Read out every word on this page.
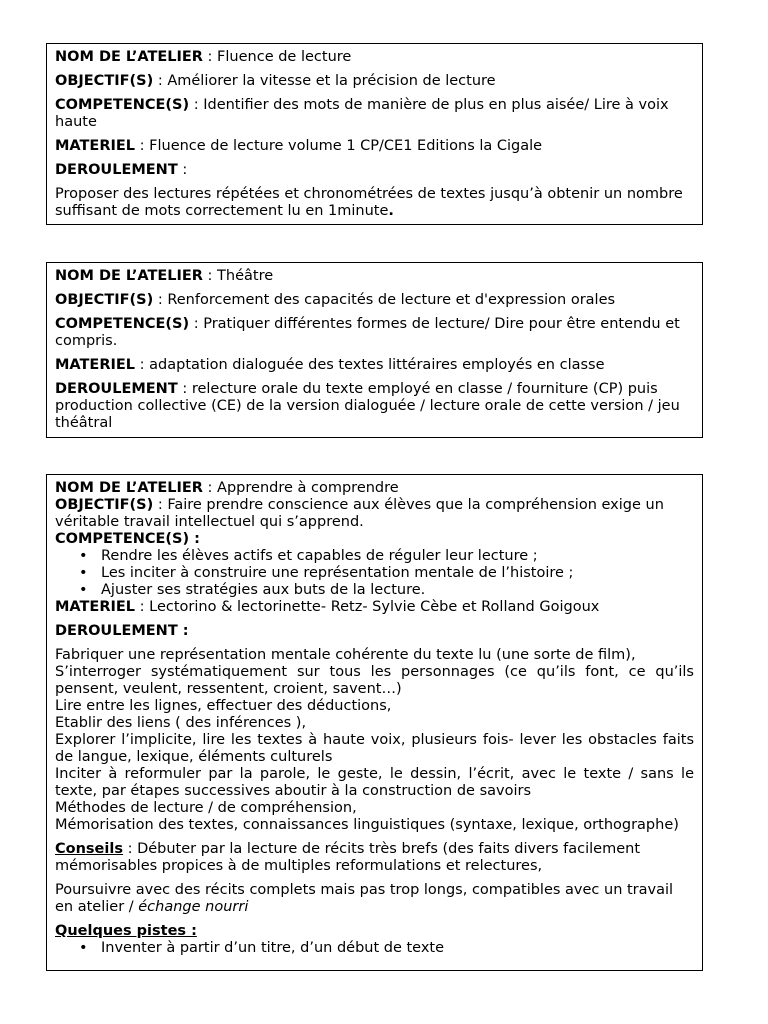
NOM DE L’ATELIER : Fluence de lecture
OBJECTIF(S) : Améliorer la vitesse et la précision de lecture
COMPETENCE(S) : Identifier des mots de manière de plus en plus aisée/ Lire à voix haute
MATERIEL : Fluence de lecture volume 1 CP/CE1 Editions la Cigale
DEROULEMENT :
Proposer des lectures répétées et chronométrées de textes jusqu’à obtenir un nombre suffisant de mots correctement lu en 1minute.
NOM DE L’ATELIER : Théâtre
OBJECTIF(S) : Renforcement des capacités de lecture et d'expression orales
COMPETENCE(S) : Pratiquer différentes formes de lecture/ Dire pour être entendu et compris.
MATERIEL : adaptation dialoguée des textes littéraires employés en classe
DEROULEMENT : relecture orale du texte employé en classe / fourniture (CP) puis production collective (CE) de la version dialoguée / lecture orale de cette version / jeu théâtral
NOM DE L’ATELIER : Apprendre à comprendre
OBJECTIF(S) : Faire prendre conscience aux élèves que la compréhension exige un véritable travail intellectuel qui s’apprend.
COMPETENCE(S) :
• Rendre les élèves actifs et capables de réguler leur lecture ;
• Les inciter à construire une représentation mentale de l’histoire ;
• Ajuster ses stratégies aux buts de la lecture.
MATERIEL : Lectorino & lectorinette- Retz- Sylvie Cèbe et Rolland Goigoux
DEROULEMENT :
Fabriquer une représentation mentale cohérente du texte lu (une sorte de film),
S’interroger systématiquement sur tous les personnages (ce qu’ils font, ce qu’ils pensent, veulent, ressentent, croient, savent…)
Lire entre les lignes, effectuer des déductions,
Etablir des liens ( des inférences ),
Explorer l’implicite, lire les textes à haute voix, plusieurs fois- lever les obstacles faits de langue, lexique, éléments culturels
Inciter à reformuler par la parole, le geste, le dessin, l’écrit, avec le texte / sans le texte, par étapes successives aboutir à la construction de savoirs
Méthodes de lecture / de compréhension,
Mémorisation des textes, connaissances linguistiques (syntaxe, lexique, orthographe)
Conseils : Débuter par la lecture de récits très brefs (des faits divers facilement mémorisables propices à de multiples reformulations et relectures,
Poursuivre avec des récits complets mais pas trop longs, compatibles avec un travail en atelier / échange nourri
Quelques pistes :
• Inventer à partir d’un titre, d’un début de texte
